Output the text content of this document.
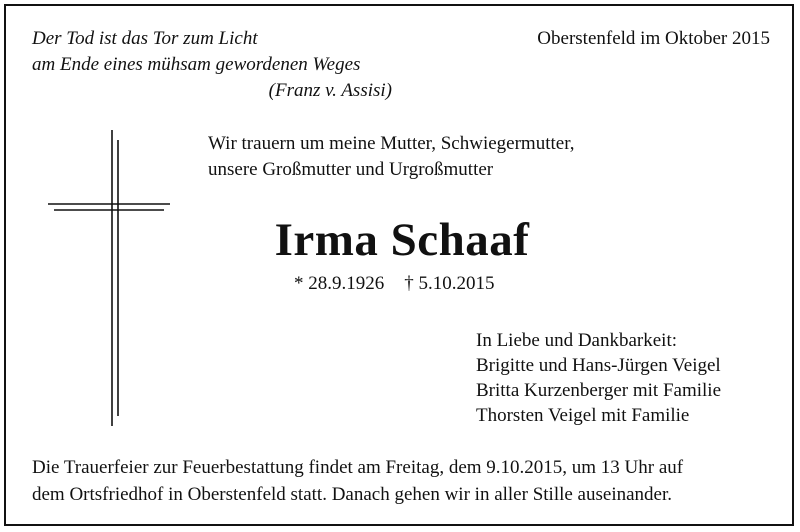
Der Tod ist das Tor zum Licht
am Ende eines mühsam gewordenen Weges
(Franz v. Assisi)
Oberstenfeld im Oktober 2015
Wir trauern um meine Mutter, Schwiegermutter,
unsere Großmutter und Urgroßmutter
Irma Schaaf
* 28.9.1926 † 5.10.2015
In Liebe und Dankbarkeit:
Brigitte und Hans-Jürgen Veigel
Britta Kurzenberger mit Familie
Thorsten Veigel mit Familie
Die Trauerfeier zur Feuerbestattung findet am Freitag, dem 9.10.2015, um 13 Uhr auf
dem Ortsfriedhof in Oberstenfeld statt. Danach gehen wir in aller Stille auseinander.
